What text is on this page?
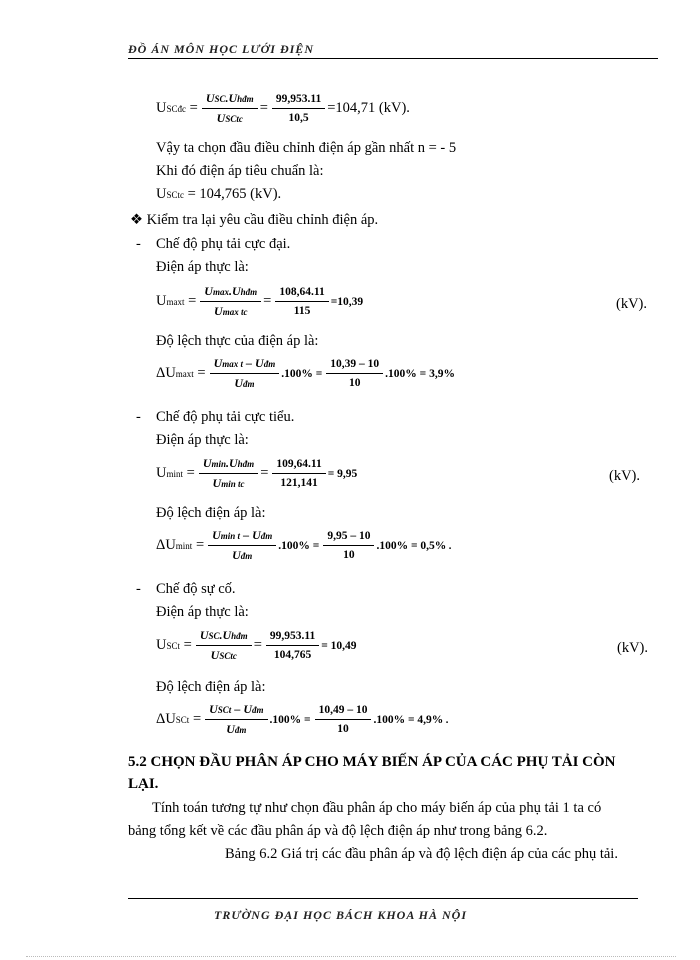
ĐỒ ÁN MÔN HỌC LƯỚI ĐIỆN
USCđc = $\frac{\text{USC.Uhđm}}{\text{USCtc}} = \frac{99,953.11}{10,5} =104,71$ (kV).
Vậy ta chọn đầu điều chỉnh điện áp gần nhất n = - 5
Khi đó điện áp tiêu chuẩn là:
USCtc = 104,765 (kV).
❖ Kiểm tra lại yêu cầu điều chỉnh điện áp.
- Chế độ phụ tải cực đại.
Điện áp thực là:
$Umaxt = \frac{\text{Umax.Uhđm}}{\text{Umax tc}} = \frac{108,64.11}{115} =10,39$	(kV).
Độ lệch thực của điện áp là:
$\Delta Umaxt = \frac{\text{Umax t – Uđm}}{\text{Uđm}} .100\% = \frac{10,39 - 10}{10} .100\% = 3,9\%$
- Chế độ phụ tải cực tiểu.
Điện áp thực là:
$Umint = \frac{\text{Umin.Uhđm}}{\text{Umin tc}} = \frac{109,64.11}{121,141} = 9,95$	(kV).
Độ lệch điện áp là:
$\Delta Umint = \frac{\text{Umin t – Uđm}}{\text{Uđm}} .100\% = \frac{9,95 - 10}{10} .100\% = 0,5\%$ .
- Chế độ sự cố.
Điện áp thực là:
USCt = $\frac{\text{USC.Uhđm}}{\text{USCtc}} = \frac{99,953.11}{104,765} = 10,49$	(kV).
Độ lệch điện áp là:
ΔUSCt = $\frac{\text{USCt – Uđm}}{\text{Uđm}} .100\% = \frac{10,49 - 10}{10} .100\% = 4,9\%$ .
5.2 CHỌN ĐẦU PHÂN ÁP CHO MÁY BIẾN ÁP CỦA CÁC PHỤ TẢI CÒN
LẠI.
Tính toán tương tự như chọn đầu phân áp cho máy biến áp của phụ tải 1 ta có
bảng tổng kết về các đầu phân áp và độ lệch điện áp như trong bảng 6.2.
Bảng 6.2 Giá trị các đầu phân áp và độ lệch điện áp của các phụ tải.
TRƯỜNG ĐẠI HỌC BÁCH KHOA HÀ NỘI
